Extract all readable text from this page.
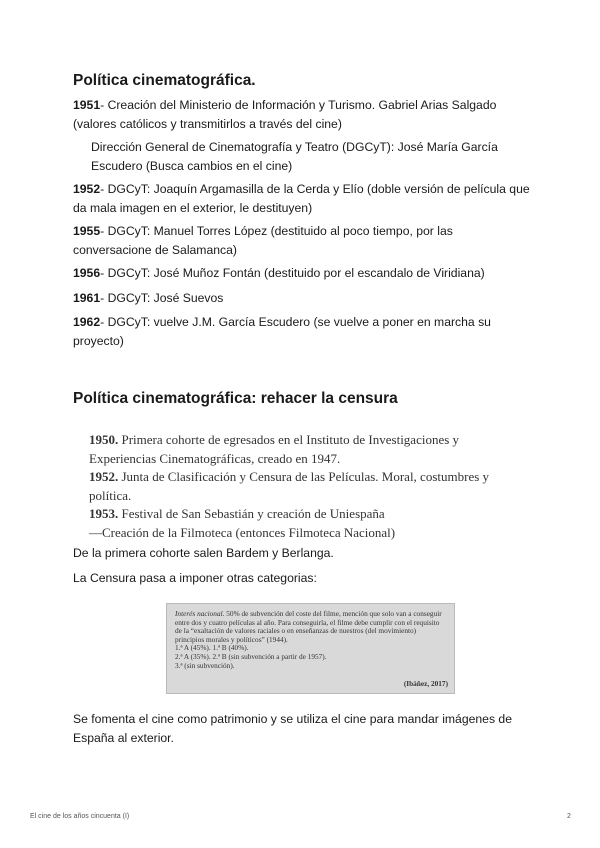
Política cinematográfica.
1951- Creación del Ministerio de Información y Turismo. Gabriel Arias Salgado (valores católicos y transmitirlos a través del cine)
Dirección General de Cinematografía y Teatro (DGCyT): José María García Escudero (Busca cambios en el cine)
1952- DGCyT: Joaquín Argamasilla de la Cerda y Elío (doble versión de película que da mala imagen en el exterior, le destituyen)
1955- DGCyT: Manuel Torres López (destituido al poco tiempo, por las conversacione de Salamanca)
1956- DGCyT: José Muñoz Fontán (destituido por el escandalo de Viridiana)
1961- DGCyT: José Suevos
1962- DGCyT: vuelve J.M. García Escudero (se vuelve a poner en marcha su proyecto)
Política cinematográfica: rehacer la censura
1950. Primera cohorte de egresados en el Instituto de Investigaciones y Experiencias Cinematográficas, creado en 1947.
1952. Junta de Clasificación y Censura de las Películas. Moral, costumbres y política.
1953. Festival de San Sebastián y creación de Uniespaña
—Creación de la Filmoteca (entonces Filmoteca Nacional)
De la primera cohorte salen Bardem y Berlanga.
La Censura pasa a imponer otras categorias:
Interés nacional. 50% de subvención del coste del filme, mención que solo van a conseguir entre dos y cuatro películas al año. Para conseguirla, el filme debe cumplir con el requisito de la “exaltación de valores raciales o en enseñanzas de nuestros (del movimiento) principios morales y políticos” (1944).
1.ª A (45%). 1.ª B (40%).
2.ª A (35%). 2.ª B (sin subvención a partir de 1957).
3.ª (sin subvención).
(Ibáñez, 2017)
Se fomenta el cine como patrimonio y se utiliza el cine para mandar imágenes de España al exterior.
El cine de los años cincuenta (I)	2
